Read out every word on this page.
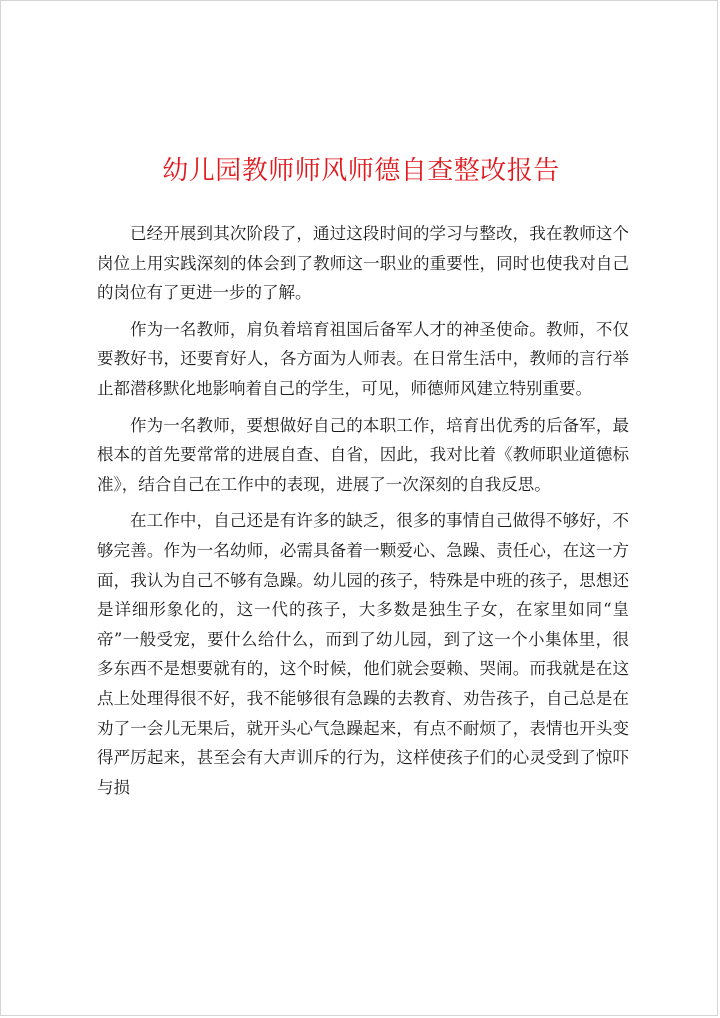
幼儿园教师师风师德自查整改报告

已经开展到其次阶段了，通过这段时间的学习与整改，我在教师这个岗位上用实践深刻的体会到了教师这一职业的重要性，同时也使我对自己的岗位有了更进一步的了解。

作为一名教师，肩负着培育祖国后备军人才的神圣使命。教师，不仅要教好书，还要育好人，各方面为人师表。在日常生活中，教师的言行举止都潜移默化地影响着自己的学生，可见，师德师风建立特别重要。

作为一名教师，要想做好自己的本职工作，培育出优秀的后备军，最根本的首先要常常的进展自查、自省，因此，我对比着《教师职业道德标准》，结合自己在工作中的表现，进展了一次深刻的自我反思。

在工作中，自己还是有许多的缺乏，很多的事情自己做得不够好，不够完善。作为一名幼师，必需具备着一颗爱心、急躁、责任心，在这一方面，我认为自己不够有急躁。幼儿园的孩子，特殊是中班的孩子，思想还是详细形象化的，这一代的孩子，大多数是独生子女，在家里如同“皇帝”一般受宠，要什么给什么，而到了幼儿园，到了这一个小集体里，很多东西不是想要就有的，这个时候，他们就会耍赖、哭闹。而我就是在这点上处理得很不好，我不能够很有急躁的去教育、劝告孩子，自己总是在劝了一会儿无果后，就开头心气急躁起来，有点不耐烦了，表情也开头变得严厉起来，甚至会有大声训斥的行为，这样使孩子们的心灵受到了惊吓与损
